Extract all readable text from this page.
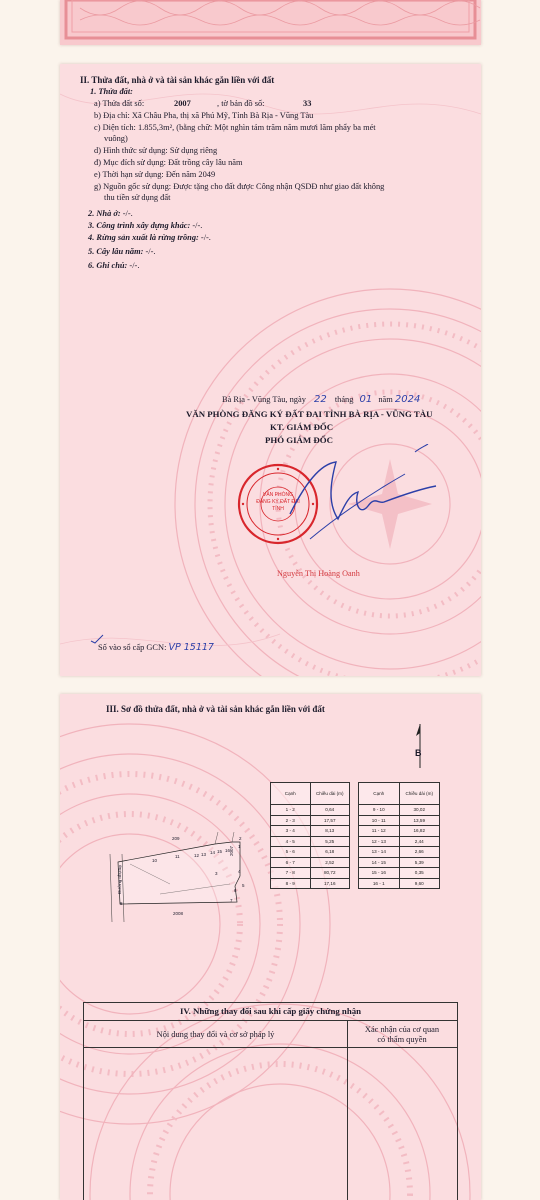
II. Thửa đất, nhà ở và tài sản khác gắn liền với đất
1. Thửa đất:
a) Thửa đất số:	2007	, tờ bản đồ số:	33
b) Địa chỉ: Xã Châu Pha, thị xã Phú Mỹ, Tỉnh Bà Rịa - Vũng Tàu
c) Diện tích: 1.855,3m², (bằng chữ: Một nghìn tám trăm năm mươi lăm phẩy ba mét
vuông)
d) Hình thức sử dụng: Sử dụng riêng
đ) Mục đích sử dụng: Đất trồng cây lâu năm
e) Thời hạn sử dụng: Đến năm 2049
g) Nguồn gốc sử dụng: Được tặng cho đất được Công nhận QSDĐ như giao đất không
thu tiền sử dụng đất
2. Nhà ở: -/-.
3. Công trình xây dựng khác: -/-.
4. Rừng sản xuất là rừng trồng: -/-.
5. Cây lâu năm: -/-.
6. Ghi chú: -/-.
Bà Rịa - Vũng Tàu, ngày 22 tháng 01 năm 2024
VĂN PHÒNG ĐĂNG KÝ ĐẤT ĐAI TỈNH BÀ RỊA - VŨNG TÀU
KT. GIÁM ĐỐC
PHÓ GIÁM ĐỐC
VĂN PHÒNG
ĐĂNG KÝ ĐẤT ĐAI
TỈNH
Nguyễn Thị Hoàng Oanh
Số vào sổ cấp GCN: VP 15117
III. Sơ đồ thửa đất, nhà ở và tài sản khác gắn liền với đất
B
Đường nhựa
209
2008
2007 1
2
3	4
5
6
7
8
9
10
11	12 13 14 15 16
Cạnh	Chiều dài (m)
1 - 2	0,64
2 - 3	17,57
3 - 4	8,13
4 - 5	5,25
5 - 6	6,18
6 - 7	2,52
7 - 8	80,72
8 - 9	17,16
Cạnh	Chiều dài (m)
9 - 10	30,02
10 - 11	13,59
11 - 12	16,82
12 - 13	2,44
13 - 14	2,66
14 - 15	5,39
15 - 16	0,35
16 - 1	9,60
IV. Những thay đổi sau khi cấp giấy chứng nhận
Nội dung thay đổi và cơ sở pháp lý
Xác nhận của cơ quan
có thẩm quyền
